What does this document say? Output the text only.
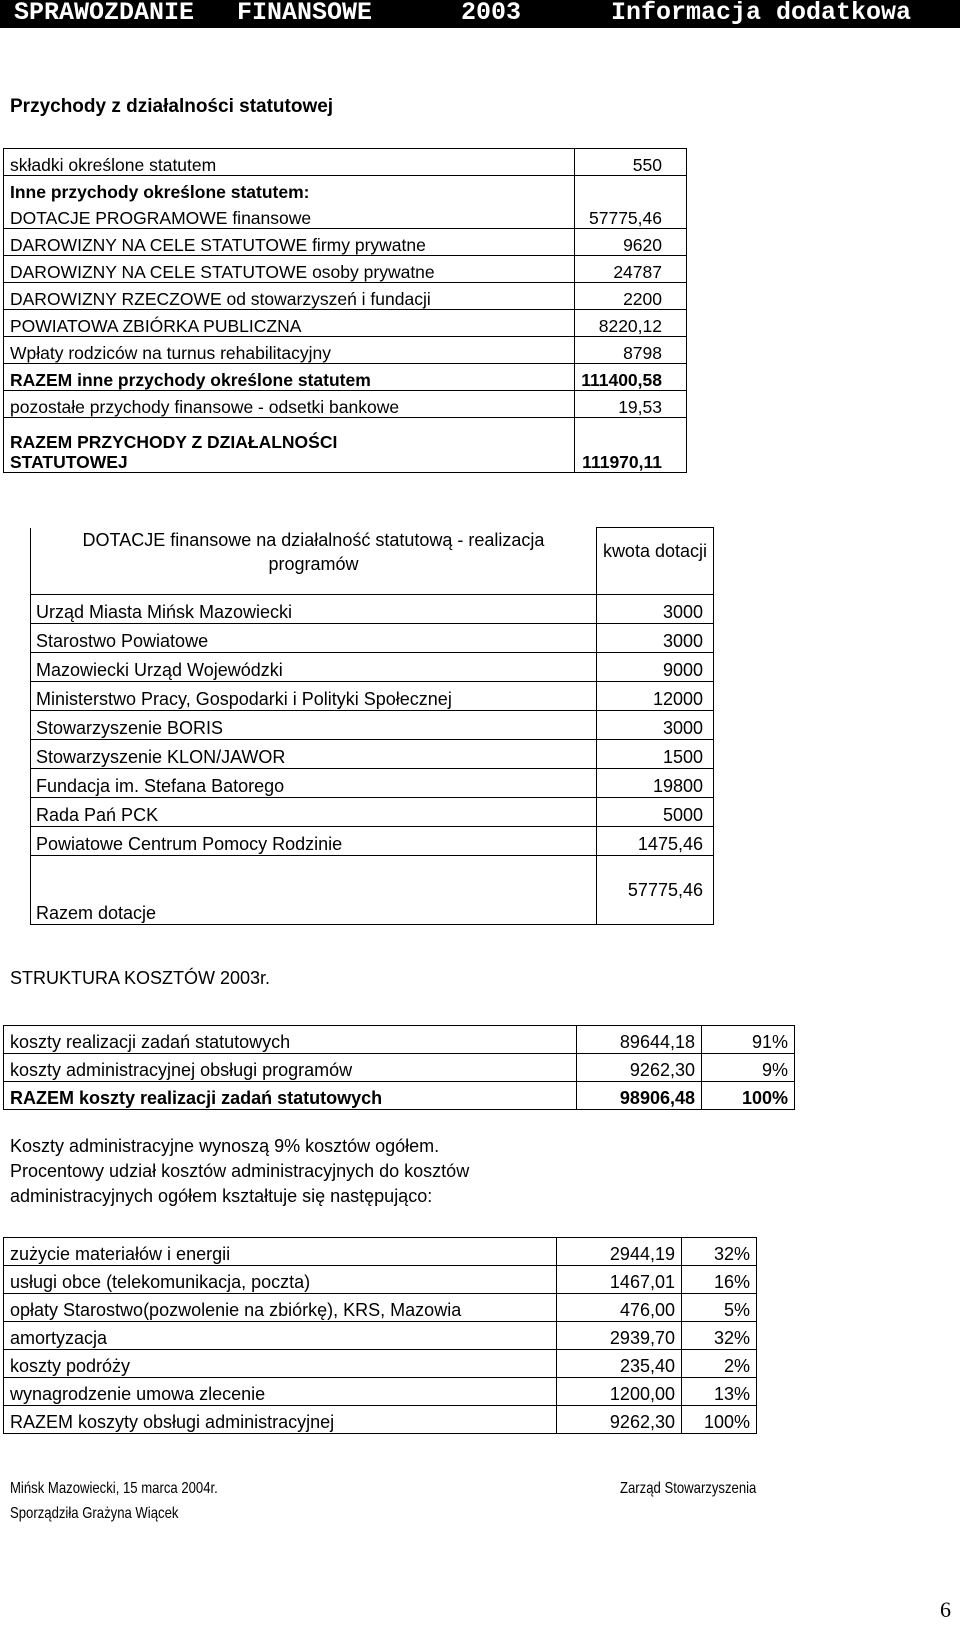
SPRAWOZDANIE

FINANSOWE

	2003

	Informacja dodatkowa

Przychody z działalności statutowej
składki określone statutem	550
Inne przychody określone statutem:	
DOTACJE PROGRAMOWE finansowe	57775,46
DAROWIZNY NA CELE STATUTOWE firmy prywatne	9620
DAROWIZNY NA CELE STATUTOWE osoby prywatne	24787
DAROWIZNY RZECZOWE od stowarzyszeń i fundacji	2200
POWIATOWA ZBIÓRKA PUBLICZNA	8220,12
Wpłaty rodziców na turnus rehabilitacyjny	8798
RAZEM inne przychody określone statutem	111400,58
pozostałe przychody finansowe - odsetki bankowe	19,53
RAZEM PRZYCHODY Z DZIAŁALNOŚCI STATUTOWEJ	111970,11
DOTACJE finansowe na działalność statutową - realizacja programów	kwota dotacji
Urząd Miasta Mińsk Mazowiecki	3000
Starostwo Powiatowe	3000
Mazowiecki Urząd Wojewódzki	9000
Ministerstwo Pracy, Gospodarki i Polityki Społecznej	12000
Stowarzyszenie BORIS	3000
Stowarzyszenie KLON/JAWOR	1500
Fundacja im. Stefana Batorego	19800
Rada Pań PCK	5000
Powiatowe Centrum Pomocy Rodzinie	1475,46
Razem dotacje	57775,46
STRUKTURA KOSZTÓW 2003r.
koszty realizacji zadań statutowych	89644,18	91%
koszty administracyjnej obsługi programów	9262,30	9%
RAZEM koszty realizacji zadań statutowych	98906,48	100%
Koszty administracyjne wynoszą 9% kosztów ogółem.
Procentowy udział kosztów administracyjnych do kosztów
administracyjnych ogółem kształtuje się następująco:
zużycie materiałów i energii	2944,19	32%
usługi obce (telekomunikacja, poczta)	1467,01	16%
opłaty Starostwo(pozwolenie na zbiórkę), KRS, Mazowia	476,00	5%
amortyzacja	2939,70	32%
koszty podróży	235,40	2%
wynagrodzenie umowa zlecenie	1200,00	13%
RAZEM koszyty obsługi administracyjnej	9262,30	100%
Mińsk Mazowiecki, 15 marca 2004r.
Sporządziła Grażyna Wiącek
Zarząd Stowarzyszenia
6
